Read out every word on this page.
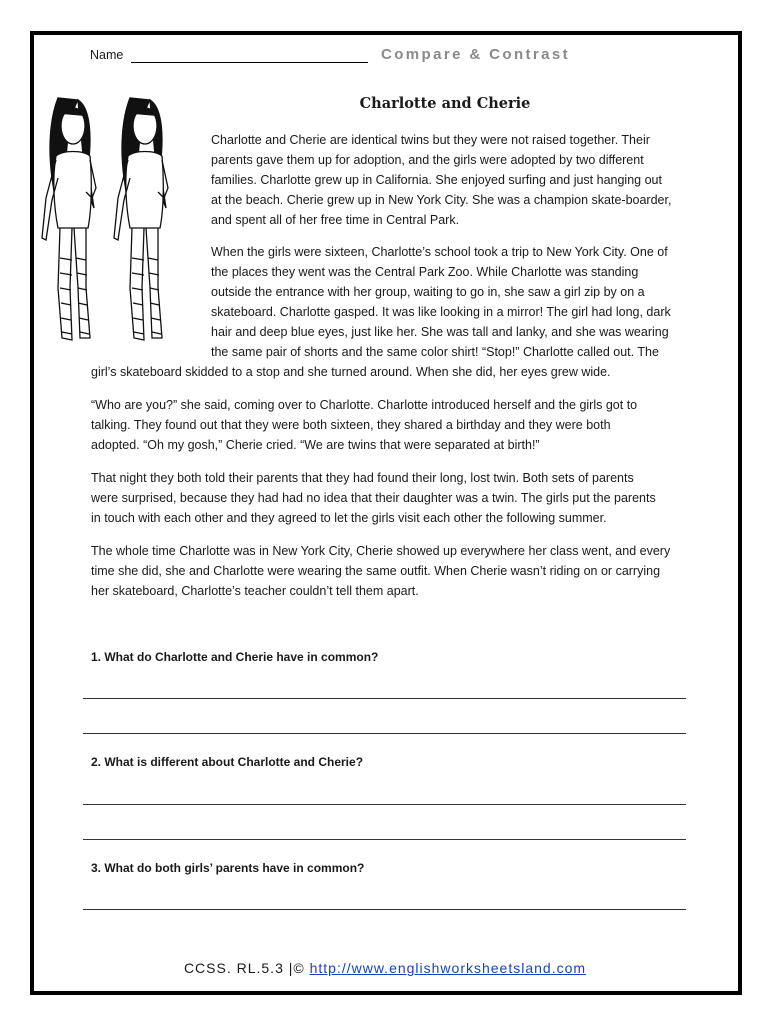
Name	Compare & Contrast
Charlotte and Cherie
Charlotte and Cherie are identical twins but they were not raised together. Their
parents gave them up for adoption, and the girls were adopted by two different
families. Charlotte grew up in California. She enjoyed surfing and just hanging out
at the beach. Cherie grew up in New York City. She was a champion skate-boarder,
and spent all of her free time in Central Park.
When the girls were sixteen, Charlotte’s school took a trip to New York City. One of
the places they went was the Central Park Zoo. While Charlotte was standing
outside the entrance with her group, waiting to go in, she saw a girl zip by on a
skateboard. Charlotte gasped. It was like looking in a mirror! The girl had long, dark
hair and deep blue eyes, just like her. She was tall and lanky, and she was wearing
the same pair of shorts and the same color shirt! “Stop!” Charlotte called out. The
girl’s skateboard skidded to a stop and she turned around. When she did, her eyes grew wide.
“Who are you?” she said, coming over to Charlotte. Charlotte introduced herself and the girls got to
talking. They found out that they were both sixteen, they shared a birthday and they were both
adopted. “Oh my gosh,” Cherie cried. “We are twins that were separated at birth!”
That night they both told their parents that they had found their long, lost twin. Both sets of parents
were surprised, because they had had no idea that their daughter was a twin. The girls put the parents
in touch with each other and they agreed to let the girls visit each other the following summer.
The whole time Charlotte was in New York City, Cherie showed up everywhere her class went, and every
time she did, she and Charlotte were wearing the same outfit. When Cherie wasn’t riding on or carrying
her skateboard, Charlotte’s teacher couldn’t tell them apart.
1. What do Charlotte and Cherie have in common?
2. What is different about Charlotte and Cherie?
3. What do both girls’ parents have in common?
CCSS. RL.5.3 |© http://www.englishworksheetsland.com
